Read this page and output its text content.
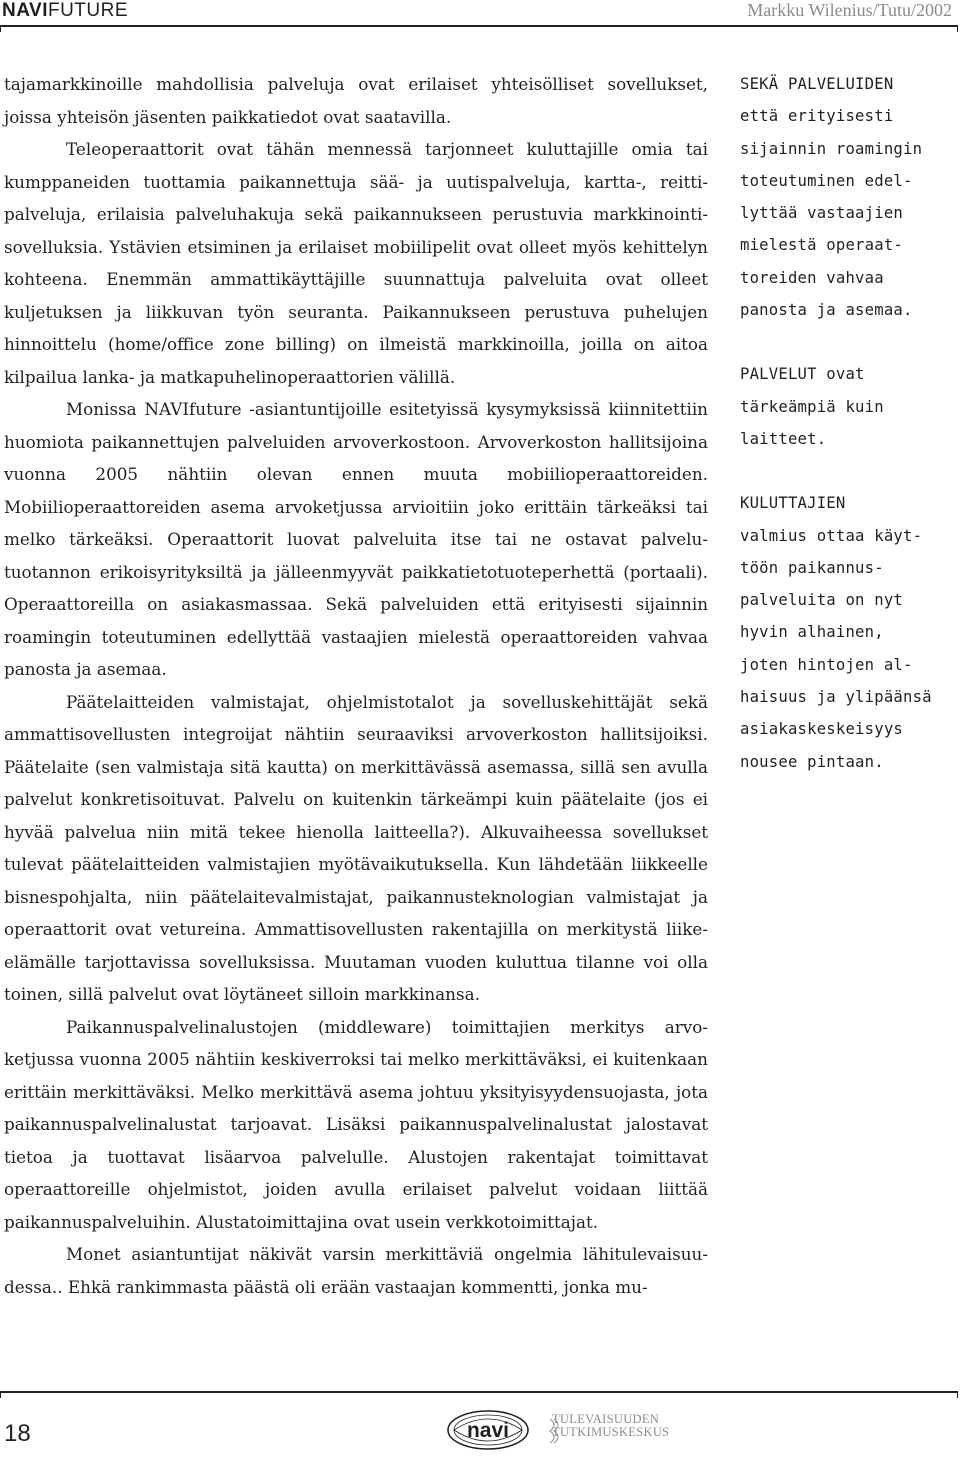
NAVIFUTURE	Markku Wilenius/Tutu/2002

tajamarkkinoille mahdollisia palveluja ovat erilaiset yhteisölliset sovellukset, joissa yhteisön jäsenten paikkatiedot ovat saatavilla.

Teleoperaattorit ovat tähän mennessä tarjonneet kuluttajille omia tai kumppaneiden tuottamia paikannettuja sää- ja uutispalveluja, kartta-, reittipalveluja, erilaisia palveluhakuja sekä paikannukseen perustuvia markkinointisovelluksia. Ystävien etsiminen ja erilaiset mobiilipelit ovat olleet myös kehittelyn kohteena. Enemmän ammattikäyttäjille suunnattuja palveluita ovat olleet kuljetuksen ja liikkuvan työn seuranta. Paikannukseen perustuva puhelujen hinnoittelu (home/office zone billing) on ilmeistä markkinoilla, joilla on aitoa kilpailua lanka- ja matkapuhelinoperaattorien välillä.

Monissa NAVIfuture -asiantuntijoille esitetyissä kysymyksissä kiinnitettiin huomiota paikannettujen palveluiden arvoverkostoon. Arvoverkoston hallitsijoina vuonna 2005 nähtiin olevan ennen muuta mobiilioperaattoreiden. Mobiilioperaattoreiden asema arvoketjussa arvioitiin joko erittäin tärkeäksi tai melko tärkeäksi. Operaattorit luovat palveluita itse tai ne ostavat palvelutuotannon erikoisyrityksiltä ja jälleenmyyvät paikkatietotuoteperhettä (portaali). Operaattoreilla on asiakasmassaa. Sekä palveluiden että erityisesti sijainnin roamingin toteutuminen edellyttää vastaajien mielestä operaattoreiden vahvaa panosta ja asemaa.

Päätelaitteiden valmistajat, ohjelmistotalot ja sovelluskehittäjät sekä ammattisovellusten integroijat nähtiin seuraaviksi arvoverkoston hallitsijoiksi. Päätelaite (sen valmistaja sitä kautta) on merkittävässä asemassa, sillä sen avulla palvelut konkretisoituvat. Palvelu on kuitenkin tärkeämpi kuin päätelaite (jos ei hyvää palvelua niin mitä tekee hienolla laitteella?). Alkuvaiheessa sovellukset tulevat päätelaitteiden valmistajien myötävaikutuksella. Kun lähdetään liikkeelle bisnespohjalta, niin päätelaitevalmistajat, paikannusteknologian valmistajat ja operaattorit ovat vetureina. Ammattisovellusten rakentajilla on merkitystä liike-elämälle tarjottavissa sovelluksissa. Muutaman vuoden kuluttua tilanne voi olla toinen, sillä palvelut ovat löytäneet silloin markkinansa.

Paikannuspalvelinalustojen (middleware) toimittajien merkitys arvoketjussa vuonna 2005 nähtiin keskiverroksi tai melko merkittäväksi, ei kuitenkaan erittäin merkittäväksi. Melko merkittävä asema johtuu yksityisyydensuojasta, jota paikannuspalvelinalustat tarjoavat. Lisäksi paikannuspalvelinalustat jalostavat tietoa ja tuottavat lisäarvoa palvelulle. Alustojen rakentajat toimittavat operaattoreille ohjelmistot, joiden avulla erilaiset palvelut voidaan liittää paikannuspalveluihin. Alustatoimittajina ovat usein verkkotoimittajat.

Monet asiantuntijat näkivät varsin merkittäviä ongelmia lähitulevaisuudessa.. Ehkä rankimmasta päästä oli erään vastaajan kommentti, jonka mu-

SEKÄ PALVELUIDEN
että erityisesti
sijainnin roamingin
toteutuminen edel-
lyttää vastaajien
mielestä operaat-
toreiden vahvaa
panosta ja asemaa.
PALVELUT ovat
tärkeämpiä kuin
laitteet.
KULUTTAJIEN
valmius ottaa käyt-
töön paikannus-
palveluita on nyt
hyvin alhainen,
joten hintojen al-
haisuus ja ylipäänsä
asiakaskeskeisyys
nousee pintaan.
18	navi	TULEVAISUUDEN
TUTKIMUSKESKUS
